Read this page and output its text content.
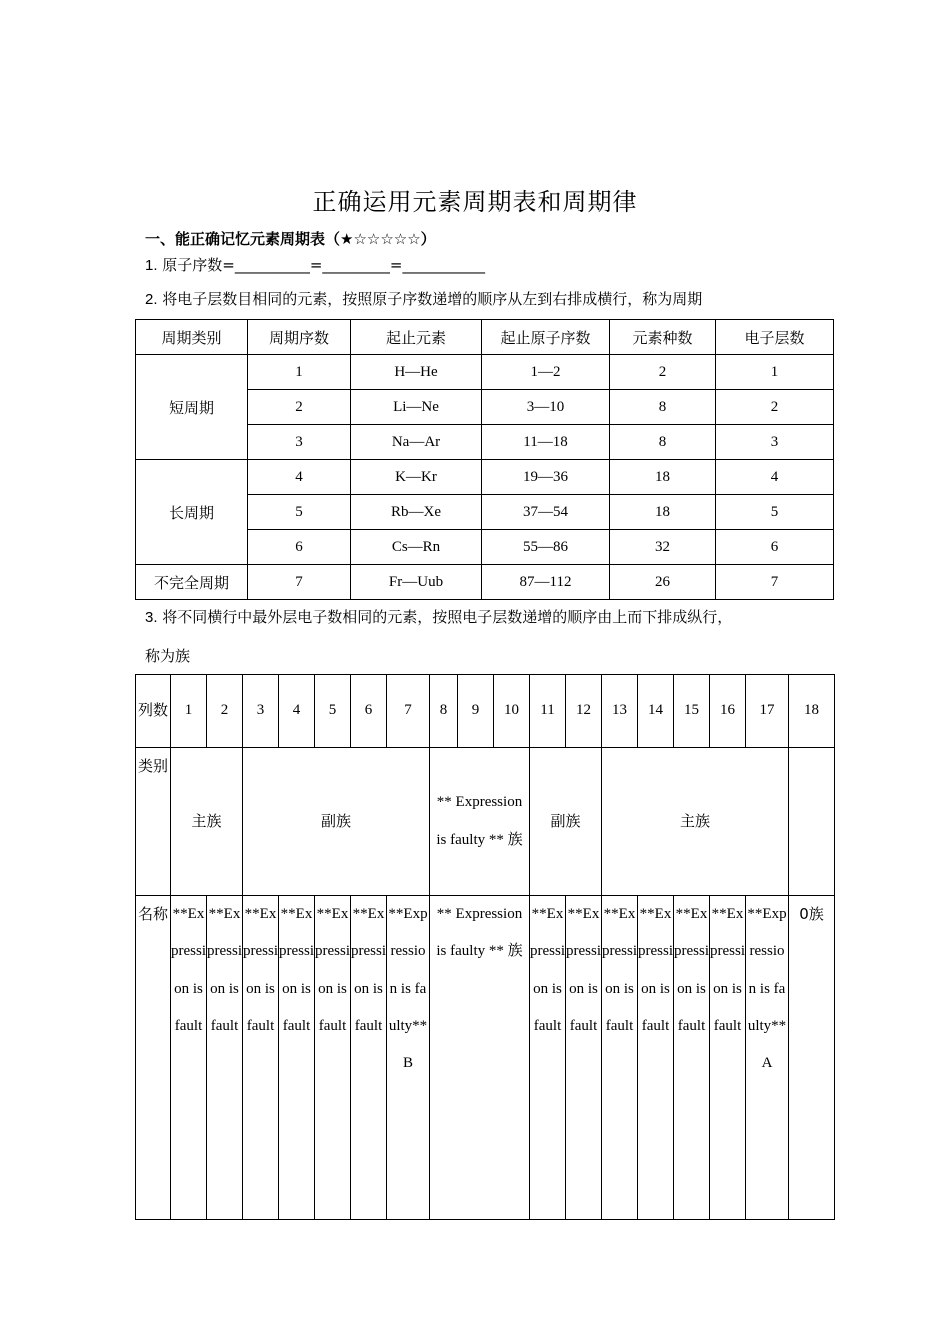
正确运用元素周期表和周期律
一、能正确记忆元素周期表（★☆☆☆☆☆）
1. 原子序数=__________=_________=___________
2. 将电子层数目相同的元素，按照原子序数递增的顺序从左到右排成横行，称为周期
周期类别	周期序数	起止元素	起止原子序数	元素种数	电子层数
短周期	1	H—He	1—2	2	1
	2	Li—Ne	3—10	8	2
	3	Na—Ar	11—18	8	3
长周期	4	K—Kr	19—36	18	4
	5	Rb—Xe	37—54	18	5
	6	Cs—Rn	55—86	32	6
不完全周期	7	Fr—Uub	87—112	26	7
3. 将不同横行中最外层电子数相同的元素，按照电子层数递增的顺序由上而下排成纵行，
称为族
列数	1	2	3	4	5	6	7	8	9	10	11	12	13	14	15	16	17	18
类别	主族		副族					** Expression is faulty ** 族			副族		主族					
名称	**Expression is fault	**Expression is fault	**Expression is fault	**Expression is fault	**Expression is fault	**Expression is fault	**Expression is faulty**B	** Expression is faulty ** 族			**Expression is fault	**Expression is fault	**Expression is fault	**Expression is fault	**Expression is fault	**Expression is fault	**Expression is faulty**A	0族
